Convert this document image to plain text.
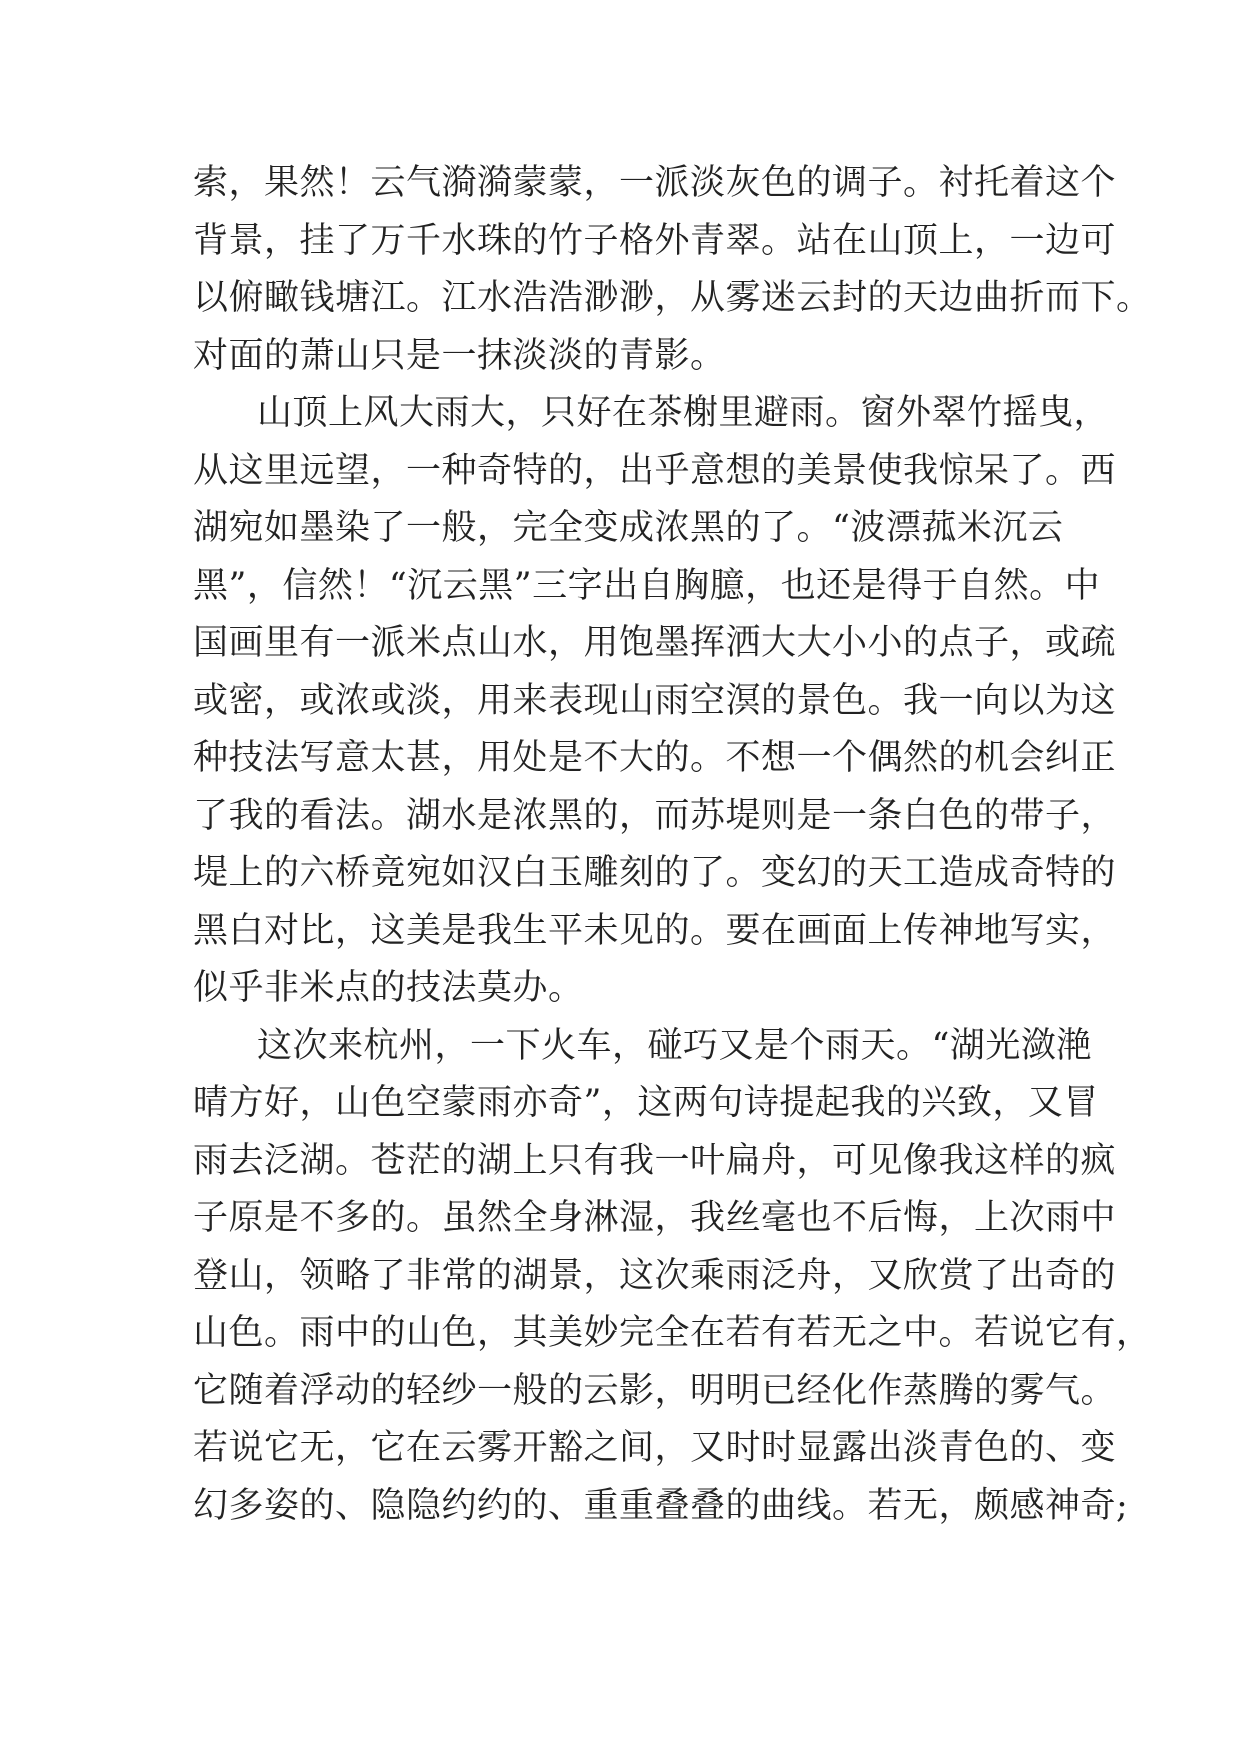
索，果然！云气漪漪蒙蒙，一派淡灰色的调子。衬托着这个
背景，挂了万千水珠的竹子格外青翠。站在山顶上，一边可
以俯瞰钱塘江。江水浩浩渺渺，从雾迷云封的天边曲折而下。
对面的萧山只是一抹淡淡的青影。
山顶上风大雨大，只好在茶榭里避雨。窗外翠竹摇曳，
从这里远望，一种奇特的，出乎意想的美景使我惊呆了。西
湖宛如墨染了一般，完全变成浓黑的了。“波漂菰米沉云
黑”，信然！“沉云黑”三字出自胸臆，也还是得于自然。中
国画里有一派米点山水，用饱墨挥洒大大小小的点子，或疏
或密，或浓或淡，用来表现山雨空溟的景色。我一向以为这
种技法写意太甚，用处是不大的。不想一个偶然的机会纠正
了我的看法。湖水是浓黑的，而苏堤则是一条白色的带子，
堤上的六桥竟宛如汉白玉雕刻的了。变幻的天工造成奇特的
黑白对比，这美是我生平未见的。要在画面上传神地写实，
似乎非米点的技法莫办。
这次来杭州，一下火车，碰巧又是个雨天。“湖光潋滟
晴方好，山色空蒙雨亦奇”，这两句诗提起我的兴致，又冒
雨去泛湖。苍茫的湖上只有我一叶扁舟，可见像我这样的疯
子原是不多的。虽然全身淋湿，我丝毫也不后悔，上次雨中
登山，领略了非常的湖景，这次乘雨泛舟，又欣赏了出奇的
山色。雨中的山色，其美妙完全在若有若无之中。若说它有，
它随着浮动的轻纱一般的云影，明明已经化作蒸腾的雾气。
若说它无，它在云雾开豁之间，又时时显露出淡青色的、变
幻多姿的、隐隐约约的、重重叠叠的曲线。若无，颇感神奇;
